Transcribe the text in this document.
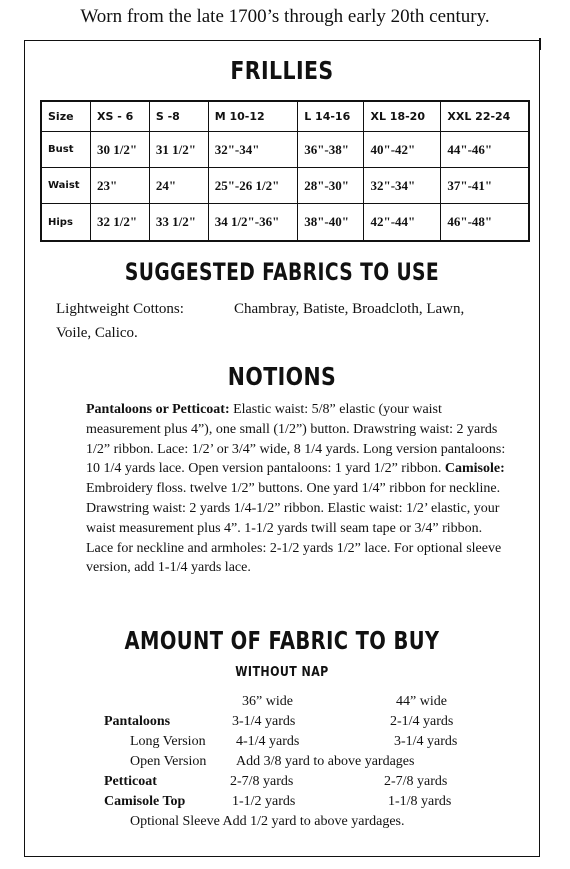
Worn from the late 1700’s through early 20th century.
FRILLIES
Size	XS - 6	S -8	M 10-12	L 14-16	XL 18-20	XXL 22-24
Bust	30 1/2"	31 1/2"	32"-34"	36"-38"	40"-42"	44"-46"
Waist	23"	24"	25"-26 1/2"	28"-30"	32"-34"	37"-41"
Hips	32 1/2"	33 1/2"	34 1/2"-36"	38"-40"	42"-44"	46"-48"
SUGGESTED FABRICS TO USE
Lightweight Cottons:	Chambray, Batiste, Broadcloth, Lawn,
Voile, Calico.
NOTIONS
Pantaloons or Petticoat: Elastic waist: 5/8” elastic (your waist measurement plus 4”), one small (1/2”) button. Drawstring waist: 2 yards 1/2” ribbon. Lace: 1/2’ or 3/4” wide, 8 1/4 yards. Long version pantaloons: 10 1/4 yards lace. Open version pantaloons: 1 yard 1/2” ribbon. Camisole: Embroidery floss. twelve 1/2” buttons. One yard 1/4” ribbon for neckline. Drawstring waist: 2 yards 1/4-1/2” ribbon. Elastic waist: 1/2’ elastic, your waist measurement plus 4”. 1-1/2 yards twill seam tape or 3/4” ribbon. Lace for neckline and armholes: 2-1/2 yards 1/2” lace. For optional sleeve version, add 1-1/4 yards lace.
AMOUNT OF FABRIC TO BUY
WITHOUT NAP
36” wide	44” wide
Pantaloons	3-1/4 yards	2-1/4 yards
Long Version 4-1/4 yards	3-1/4 yards
Open Version Add 3/8 yard to above yardages
Petticoat	2-7/8 yards	2-7/8 yards
Camisole Top	1-1/2 yards	1-1/8 yards
Optional Sleeve Add 1/2 yard to above yardages.
